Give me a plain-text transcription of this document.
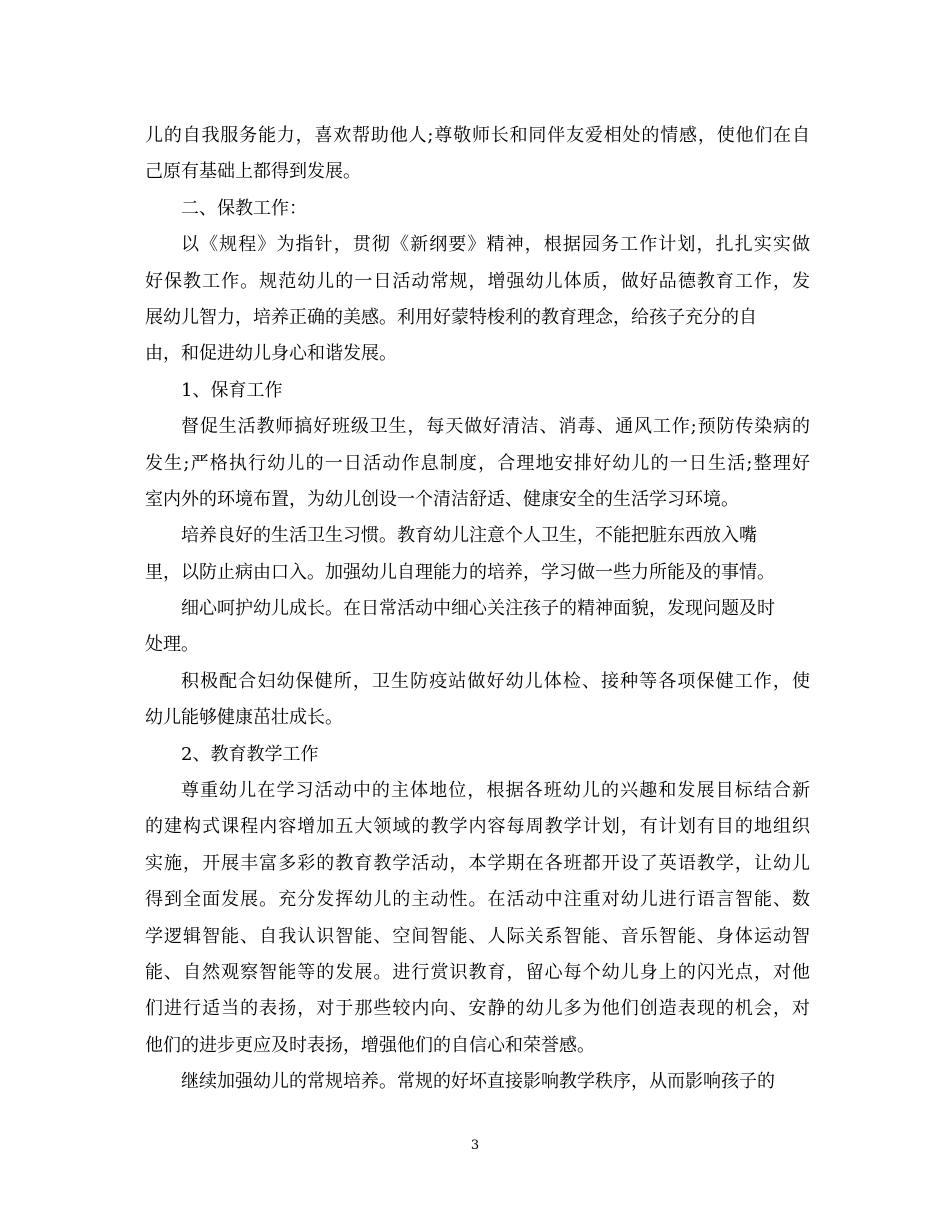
儿的自我服务能力，喜欢帮助他人;尊敬师长和同伴友爱相处的情感，使他们在自
己原有基础上都得到发展。
二、保教工作：
以《规程》为指针，贯彻《新纲要》精神，根据园务工作计划，扎扎实实做
好保教工作。规范幼儿的一日活动常规，增强幼儿体质，做好品德教育工作，发
展幼儿智力，培养正确的美感。利用好蒙特梭利的教育理念，给孩子充分的自
由，和促进幼儿身心和谐发展。
1、保育工作
督促生活教师搞好班级卫生，每天做好清洁、消毒、通风工作;预防传染病的
发生;严格执行幼儿的一日活动作息制度，合理地安排好幼儿的一日生活;整理好
室内外的环境布置，为幼儿创设一个清洁舒适、健康安全的生活学习环境。
培养良好的生活卫生习惯。教育幼儿注意个人卫生，不能把脏东西放入嘴
里，以防止病由口入。加强幼儿自理能力的培养，学习做一些力所能及的事情。
细心呵护幼儿成长。在日常活动中细心关注孩子的精神面貌，发现问题及时
处理。
积极配合妇幼保健所，卫生防疫站做好幼儿体检、接种等各项保健工作，使
幼儿能够健康茁壮成长。
2、教育教学工作
尊重幼儿在学习活动中的主体地位，根据各班幼儿的兴趣和发展目标结合新
的建构式课程内容增加五大领域的教学内容每周教学计划，有计划有目的地组织
实施，开展丰富多彩的教育教学活动，本学期在各班都开设了英语教学，让幼儿
得到全面发展。充分发挥幼儿的主动性。在活动中注重对幼儿进行语言智能、数
学逻辑智能、自我认识智能、空间智能、人际关系智能、音乐智能、身体运动智
能、自然观察智能等的发展。进行赏识教育，留心每个幼儿身上的闪光点，对他
们进行适当的表扬，对于那些较内向、安静的幼儿多为他们创造表现的机会，对
他们的进步更应及时表扬，增强他们的自信心和荣誉感。
继续加强幼儿的常规培养。常规的好坏直接影响教学秩序，从而影响孩子的
3
